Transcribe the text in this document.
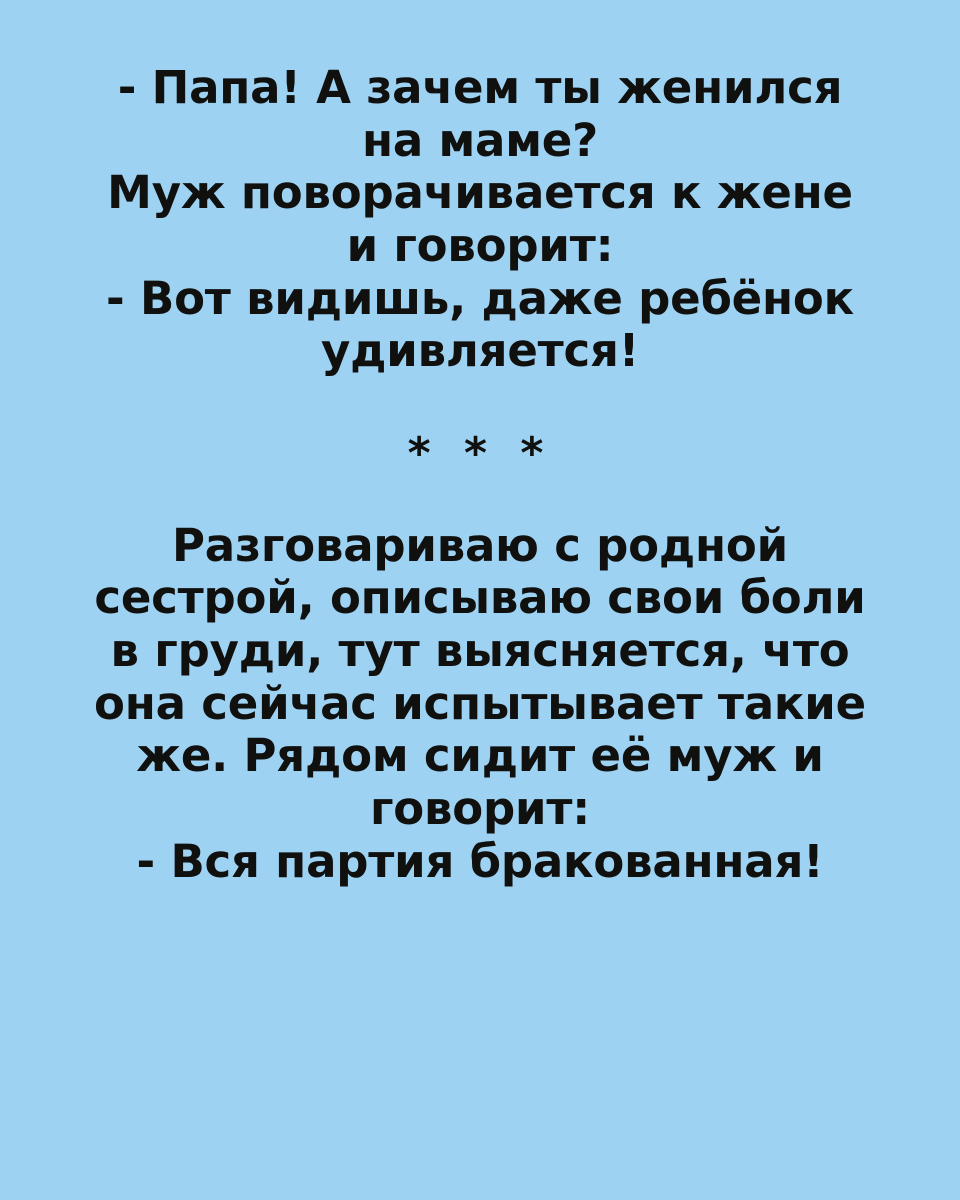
- Папа! А зачем ты женился
на маме?
Муж поворачивается к жене
и говорит:
- Вот видишь, даже ребёнок
удивляется!
* * *
Разговариваю с родной
сестрой, описываю свои боли
в груди, тут выясняется, что
она сейчас испытывает такие
же. Рядом сидит её муж и
говорит:
- Вся партия бракованная!
